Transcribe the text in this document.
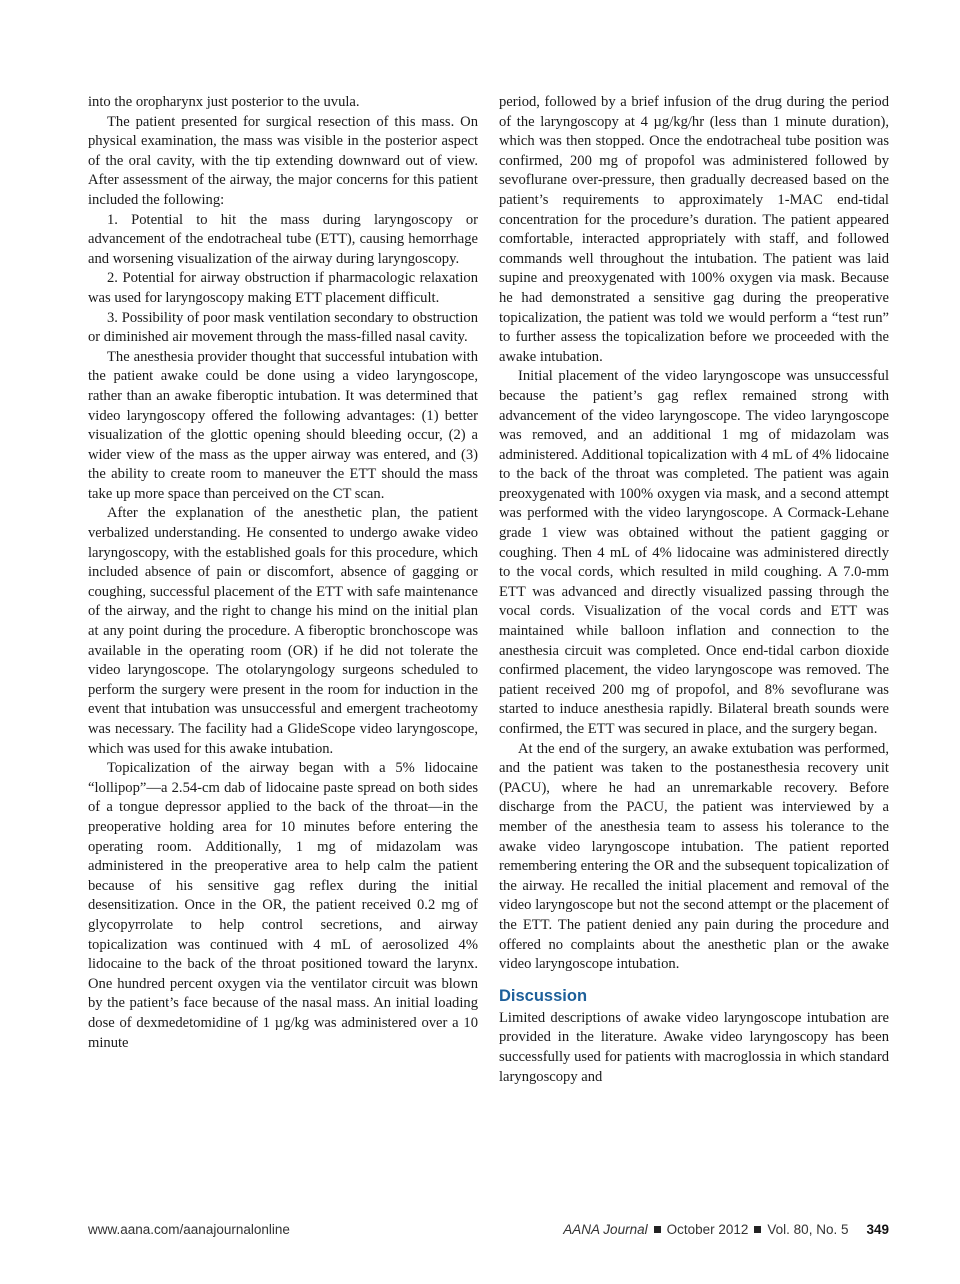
into the oropharynx just posterior to the uvula.

The patient presented for surgical resection of this mass. On physical examination, the mass was visible in the posterior aspect of the oral cavity, with the tip extending downward out of view. After assessment of the airway, the major concerns for this patient included the following:

1. Potential to hit the mass during laryngoscopy or advancement of the endotracheal tube (ETT), causing hemorrhage and worsening visualization of the airway during laryngoscopy.

2. Potential for airway obstruction if pharmacologic relaxation was used for laryngoscopy making ETT placement difficult.

3. Possibility of poor mask ventilation secondary to obstruction or diminished air movement through the mass-filled nasal cavity.

The anesthesia provider thought that successful intubation with the patient awake could be done using a video laryngoscope, rather than an awake fiberoptic intubation. It was determined that video laryngoscopy offered the following advantages: (1) better visualization of the glottic opening should bleeding occur, (2) a wider view of the mass as the upper airway was entered, and (3) the ability to create room to maneuver the ETT should the mass take up more space than perceived on the CT scan.

After the explanation of the anesthetic plan, the patient verbalized understanding. He consented to undergo awake video laryngoscopy, with the established goals for this procedure, which included absence of pain or discomfort, absence of gagging or coughing, successful placement of the ETT with safe maintenance of the airway, and the right to change his mind on the initial plan at any point during the procedure. A fiberoptic bronchoscope was available in the operating room (OR) if he did not tolerate the video laryngoscope. The otolaryngology surgeons scheduled to perform the surgery were present in the room for induction in the event that intubation was unsuccessful and emergent tracheotomy was necessary. The facility had a GlideScope video laryngoscope, which was used for this awake intubation.

Topicalization of the airway began with a 5% lidocaine “lollipop”—a 2.54-cm dab of lidocaine paste spread on both sides of a tongue depressor applied to the back of the throat—in the preoperative holding area for 10 minutes before entering the operating room. Additionally, 1 mg of midazolam was administered in the preoperative area to help calm the patient because of his sensitive gag reflex during the initial desensitization. Once in the OR, the patient received 0.2 mg of glycopyrrolate to help control secretions, and airway topicalization was continued with 4 mL of aerosolized 4% lidocaine to the back of the throat positioned toward the larynx. One hundred percent oxygen via the ventilator circuit was blown by the patient’s face because of the nasal mass. An initial loading dose of dexmedetomidine of 1 µg/kg was administered over a 10 minute

period, followed by a brief infusion of the drug during the period of the laryngoscopy at 4 µg/kg/hr (less than 1 minute duration), which was then stopped. Once the endotracheal tube position was confirmed, 200 mg of propofol was administered followed by sevoflurane over-pressure, then gradually decreased based on the patient’s requirements to approximately 1-MAC end-tidal concentration for the procedure’s duration. The patient appeared comfortable, interacted appropriately with staff, and followed commands well throughout the intubation. The patient was laid supine and preoxygenated with 100% oxygen via mask. Because he had demonstrated a sensitive gag during the preoperative topicalization, the patient was told we would perform a “test run” to further assess the topicalization before we proceeded with the awake intubation.

Initial placement of the video laryngoscope was unsuccessful because the patient’s gag reflex remained strong with advancement of the video laryngoscope. The video laryngoscope was removed, and an additional 1 mg of midazolam was administered. Additional topicalization with 4 mL of 4% lidocaine to the back of the throat was completed. The patient was again preoxygenated with 100% oxygen via mask, and a second attempt was performed with the video laryngoscope. A Cormack-Lehane grade 1 view was obtained without the patient gagging or coughing. Then 4 mL of 4% lidocaine was administered directly to the vocal cords, which resulted in mild coughing. A 7.0-mm ETT was advanced and directly visualized passing through the vocal cords. Visualization of the vocal cords and ETT was maintained while balloon inflation and connection to the anesthesia circuit was completed. Once end-tidal carbon dioxide confirmed placement, the video laryngoscope was removed. The patient received 200 mg of propofol, and 8% sevoflurane was started to induce anesthesia rapidly. Bilateral breath sounds were confirmed, the ETT was secured in place, and the surgery began.

At the end of the surgery, an awake extubation was performed, and the patient was taken to the postanesthesia recovery unit (PACU), where he had an unremarkable recovery. Before discharge from the PACU, the patient was interviewed by a member of the anesthesia team to assess his tolerance to the awake video laryngoscope intubation. The patient reported remembering entering the OR and the subsequent topicalization of the airway. He recalled the initial placement and removal of the video laryngoscope but not the second attempt or the placement of the ETT. The patient denied any pain during the procedure and offered no complaints about the anesthetic plan or the awake video laryngoscope intubation.

Discussion

Limited descriptions of awake video laryngoscope intubation are provided in the literature. Awake video laryngoscopy has been successfully used for patients with macroglossia in which standard laryngoscopy and

www.aana.com/aanajournalonline	AANA Journal October 2012 Vol. 80, No. 5 349
